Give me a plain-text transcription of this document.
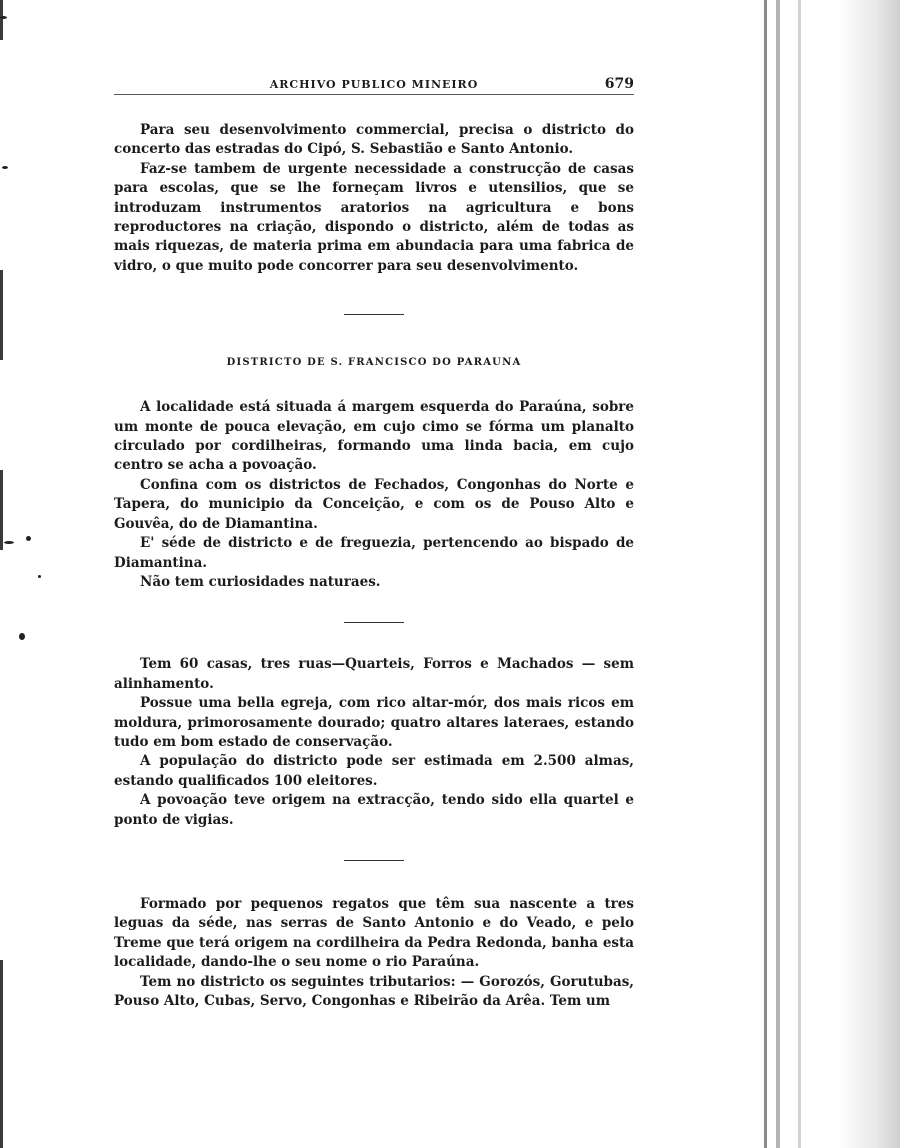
ARCHIVO PUBLICO MINEIRO	679

Para seu desenvolvimento commercial, precisa o districto do concerto das estradas do Cipó, S. Sebastião e Santo Antonio.

Faz-se tambem de urgente necessidade a construcção de casas para escolas, que se lhe forneçam livros e utensilios, que se introduzam instrumentos aratorios na agricultura e bons reproductores na criação, dispondo o districto, além de todas as mais riquezas, de materia prima em abundacia para uma fabrica de vidro, o que muito pode concorrer para seu desenvolvimento.

DISTRICTO DE S. FRANCISCO DO PARAUNA

A localidade está situada á margem esquerda do Paraúna, sobre um monte de pouca elevação, em cujo cimo se fórma um planalto circulado por cordilheiras, formando uma linda bacia, em cujo centro se acha a povoação.

Confina com os districtos de Fechados, Congonhas do Norte e Tapera, do municipio da Conceição, e com os de Pouso Alto e Gouvêa, do de Diamantina.

E' séde de districto e de freguezia, pertencendo ao bispado de Diamantina.

Não tem curiosidades naturaes.

Tem 60 casas, tres ruas—Quarteis, Forros e Machados — sem alinhamento.

Possue uma bella egreja, com rico altar-mór, dos mais ricos em moldura, primorosamente dourado; quatro altares lateraes, estando tudo em bom estado de conservação.

A população do districto pode ser estimada em 2.500 almas, estando qualificados 100 eleitores.

A povoação teve origem na extracção, tendo sido ella quartel e ponto de vigias.

Formado por pequenos regatos que têm sua nascente a tres leguas da séde, nas serras de Santo Antonio e do Veado, e pelo Treme que terá origem na cordilheira da Pedra Redonda, banha esta localidade, dando-lhe o seu nome o rio Paraúna.

Tem no districto os seguintes tributarios: — Gorozós, Gorutubas, Pouso Alto, Cubas, Servo, Congonhas e Ribeirão da Arêa. Tem um
